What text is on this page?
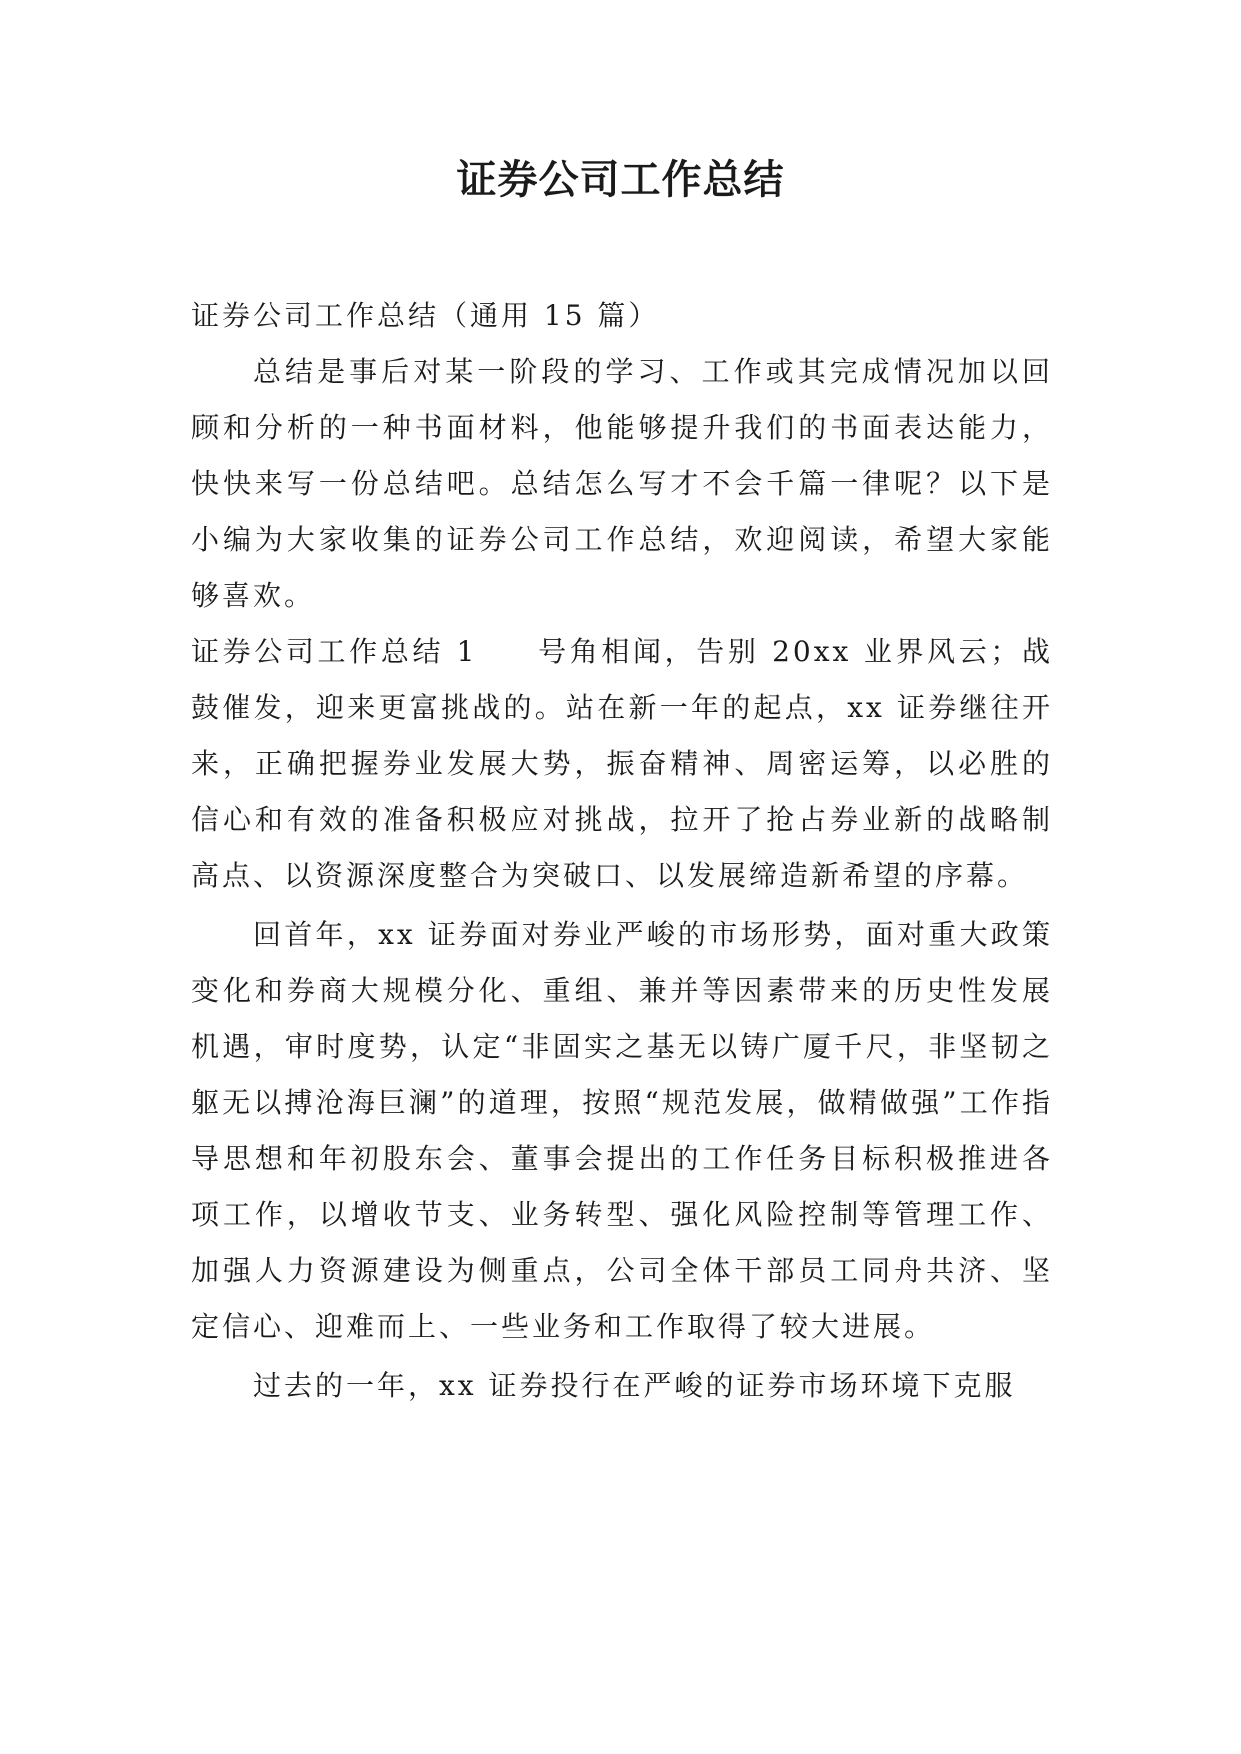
证券公司工作总结

证券公司工作总结（通用 15 篇）

总结是事后对某一阶段的学习、工作或其完成情况加以回顾和分析的一种书面材料，他能够提升我们的书面表达能力，快快来写一份总结吧。总结怎么写才不会千篇一律呢？以下是小编为大家收集的证券公司工作总结，欢迎阅读，希望大家能够喜欢。

证券公司工作总结 1 号角相闻，告别 20xx 业界风云；战鼓催发，迎来更富挑战的。站在新一年的起点，xx 证券继往开来，正确把握券业发展大势，振奋精神、周密运筹，以必胜的信心和有效的准备积极应对挑战，拉开了抢占券业新的战略制高点、以资源深度整合为突破口、以发展缔造新希望的序幕。

回首年，xx 证券面对券业严峻的市场形势，面对重大政策变化和券商大规模分化、重组、兼并等因素带来的历史性发展机遇，审时度势，认定“非固实之基无以铸广厦千尺，非坚韧之躯无以搏沧海巨澜”的道理，按照“规范发展，做精做强”工作指导思想和年初股东会、董事会提出的工作任务目标积极推进各项工作，以增收节支、业务转型、强化风险控制等管理工作、加强人力资源建设为侧重点，公司全体干部员工同舟共济、坚定信心、迎难而上、一些业务和工作取得了较大进展。

过去的一年，xx 证券投行在严峻的证券市场环境下克服
